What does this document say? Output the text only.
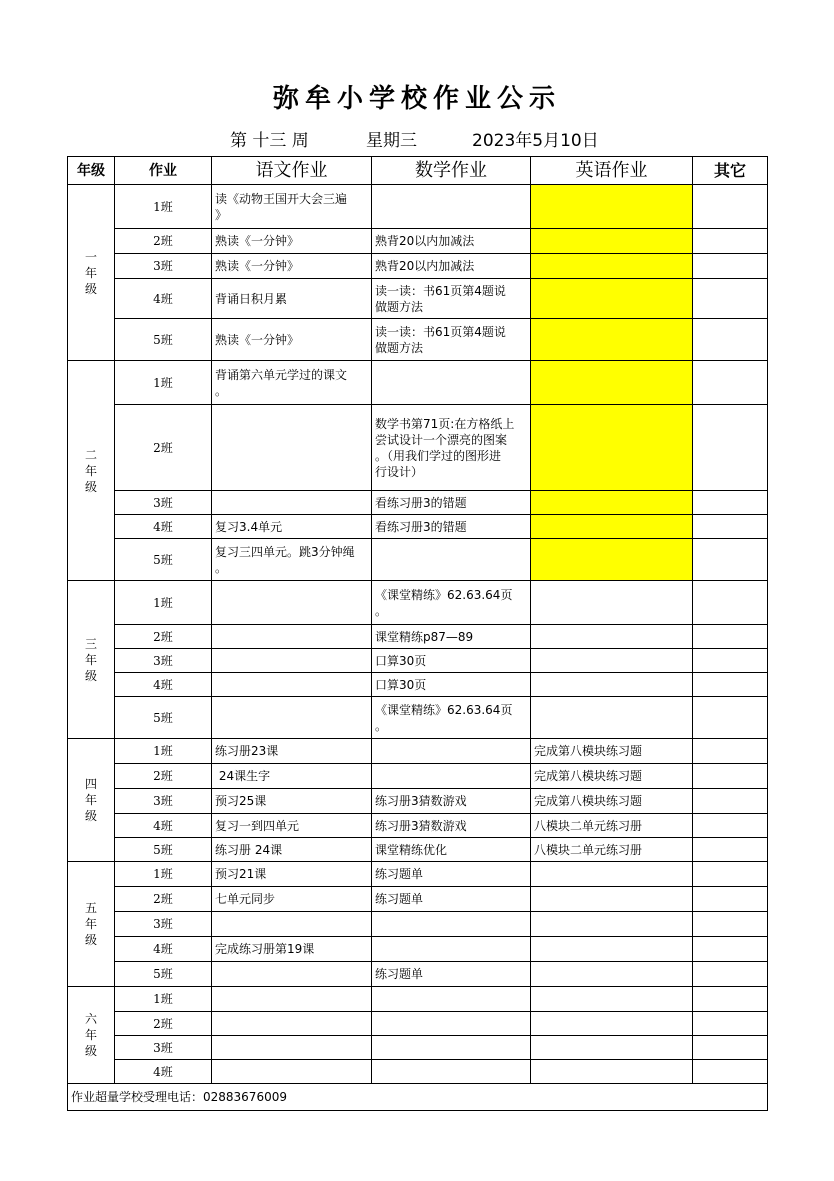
弥牟小学校作业公示
第 十三 周	星期三	2023年5月10日
年级	作业	语文作业	数学作业	英语作业	其它
一
年
级	1班	读《动物王国开大会三遍
》			
	2班	熟读《一分钟》	熟背20以内加减法		
	3班	熟读《一分钟》	熟背20以内加减法		
	4班	背诵日积月累	读一读：书61页第4题说
做题方法		
	5班	熟读《一分钟》	读一读：书61页第4题说
做题方法		
二
年
级	1班	背诵第六单元学过的课文
。			
	2班		数学书第71页:在方格纸上
尝试设计一个漂亮的图案
。（用我们学过的图形进
行设计）		
	3班		看练习册3的错题		
	4班	复习3.4单元	看练习册3的错题		
	5班	复习三四单元。跳3分钟绳
。			
三
年
级	1班		《课堂精练》62.63.64页
。		
	2班		课堂精练p87—89		
	3班		口算30页		
	4班		口算30页		
	5班		《课堂精练》62.63.64页
。		
四
年
级	1班	练习册23课		完成第八模块练习题	
	2班	24课生字		完成第八模块练习题	
	3班	预习25课	练习册3猜数游戏	完成第八模块练习题	
	4班	复习一到四单元	练习册3猜数游戏	八模块二单元练习册	
	5班	练习册 24课	课堂精练优化	八模块二单元练习册	
五
年
级	1班	预习21课	练习题单		
	2班	七单元同步	练习题单		
	3班				
	4班	完成练习册第19课			
	5班		练习题单		
六
年
级	1班				
	2班				
	3班				
	4班				
作业超量学校受理电话：02883676009					
